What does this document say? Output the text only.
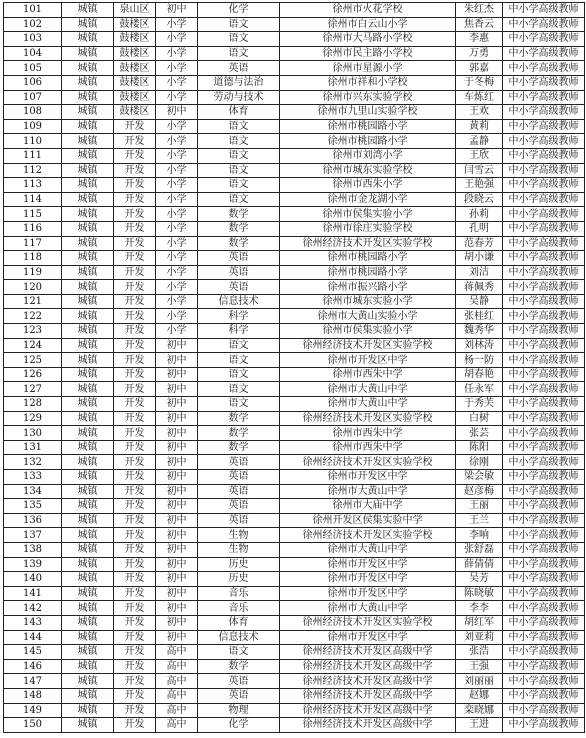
101	城镇	泉山区	初中	化学	徐州市火花学校	朱红杰	中小学高级教师
102	城镇	鼓楼区	小学	语文	徐州市白云山小学	焦香云	中小学高级教师
103	城镇	鼓楼区	小学	语文	徐州市大马路小学校	李惠	中小学高级教师
104	城镇	鼓楼区	小学	语文	徐州市民主路小学校	万勇	中小学高级教师
105	城镇	鼓楼区	小学	英语	徐州市星源小学	郭嘉	中小学高级教师
106	城镇	鼓楼区	小学	道德与法治	徐州市祥和小学校	于冬梅	中小学高级教师
107	城镇	鼓楼区	小学	劳动与技术	徐州市兴东实验学校	车炼红	中小学高级教师
108	城镇	鼓楼区	初中	体育	徐州市九里山实验学校	王欢	中小学高级教师
109	城镇	开发	小学	语文	徐州市桃园路小学	黄莉	中小学高级教师
110	城镇	开发	小学	语文	徐州市桃园路小学	孟静	中小学高级教师
111	城镇	开发	小学	语文	徐州市刘湾小学	王欣	中小学高级教师
112	城镇	开发	小学	语文	徐州市城东实验学校	闫雪云	中小学高级教师
113	城镇	开发	小学	语文	徐州市西朱小学	王艳强	中小学高级教师
114	城镇	开发	小学	语文	徐州市金龙湖小学	段晓云	中小学高级教师
115	城镇	开发	小学	数学	徐州市侯集实验小学	孙莉	中小学高级教师
116	城镇	开发	小学	数学	徐州市徐庄实验学校	孔明	中小学高级教师
117	城镇	开发	小学	数学	徐州经济技术开发区实验学校	范春芳	中小学高级教师
118	城镇	开发	小学	英语	徐州市桃园路小学	胡小谦	中小学高级教师
119	城镇	开发	小学	英语	徐州市桃园路小学	刘洁	中小学高级教师
120	城镇	开发	小学	英语	徐州市振兴路小学	蒋佩秀	中小学高级教师
121	城镇	开发	小学	信息技术	徐州市城东实验小学	吴静	中小学高级教师
122	城镇	开发	小学	科学	徐州市大黄山实验小学	张桂红	中小学高级教师
123	城镇	开发	小学	科学	徐州市侯集实验小学	魏秀华	中小学高级教师
124	城镇	开发	初中	语文	徐州经济技术开发区实验学校	刘林涛	中小学高级教师
125	城镇	开发	初中	语文	徐州市开发区中学	杨一防	中小学高级教师
126	城镇	开发	初中	语文	徐州市西朱中学	胡春艳	中小学高级教师
127	城镇	开发	初中	语文	徐州市大黄山中学	任永军	中小学高级教师
128	城镇	开发	初中	语文	徐州市大黄山中学	于秀芙	中小学高级教师
129	城镇	开发	初中	数学	徐州经济技术开发区实验学校	白树	中小学高级教师
130	城镇	开发	初中	数学	徐州市西朱中学	张芸	中小学高级教师
131	城镇	开发	初中	数学	徐州市西朱中学	陈阳	中小学高级教师
132	城镇	开发	初中	英语	徐州经济技术开发区实验学校	徐刚	中小学高级教师
133	城镇	开发	初中	英语	徐州市开发区中学	梁会敏	中小学高级教师
134	城镇	开发	初中	英语	徐州市大黄山中学	赵彦梅	中小学高级教师
135	城镇	开发	初中	英语	徐州市大庙中学	王丽	中小学高级教师
136	城镇	开发	初中	英语	徐州开发区侯集实验中学	王兰	中小学高级教师
137	城镇	开发	初中	生物	徐州经济技术开发区实验学校	李响	中小学高级教师
138	城镇	开发	初中	生物	徐州市大黄山中学	张舒磊	中小学高级教师
139	城镇	开发	初中	历史	徐州市开发区中学	薛倩倩	中小学高级教师
140	城镇	开发	初中	历史	徐州市开发区中学	吴芳	中小学高级教师
141	城镇	开发	初中	音乐	徐州市开发区中学	陈晓敏	中小学高级教师
142	城镇	开发	初中	音乐	徐州市大黄山中学	李李	中小学高级教师
143	城镇	开发	初中	体育	徐州经济技术开发区实验学校	胡红军	中小学高级教师
144	城镇	开发	初中	信息技术	徐州市开发区中学	刘亚莉	中小学高级教师
145	城镇	开发	高中	语文	徐州经济技术开发区高级中学	张浩	中小学高级教师
146	城镇	开发	高中	数学	徐州经济技术开发区高级中学	王强	中小学高级教师
147	城镇	开发	高中	英语	徐州经济技术开发区高级中学	刘丽丽	中小学高级教师
148	城镇	开发	高中	英语	徐州经济技术开发区高级中学	赵娜	中小学高级教师
149	城镇	开发	高中	物理	徐州经济技术开发区高级中学	栾晓娜	中小学高级教师
150	城镇	开发	高中	化学	徐州经济技术开发区高级中学	王进	中小学高级教师
